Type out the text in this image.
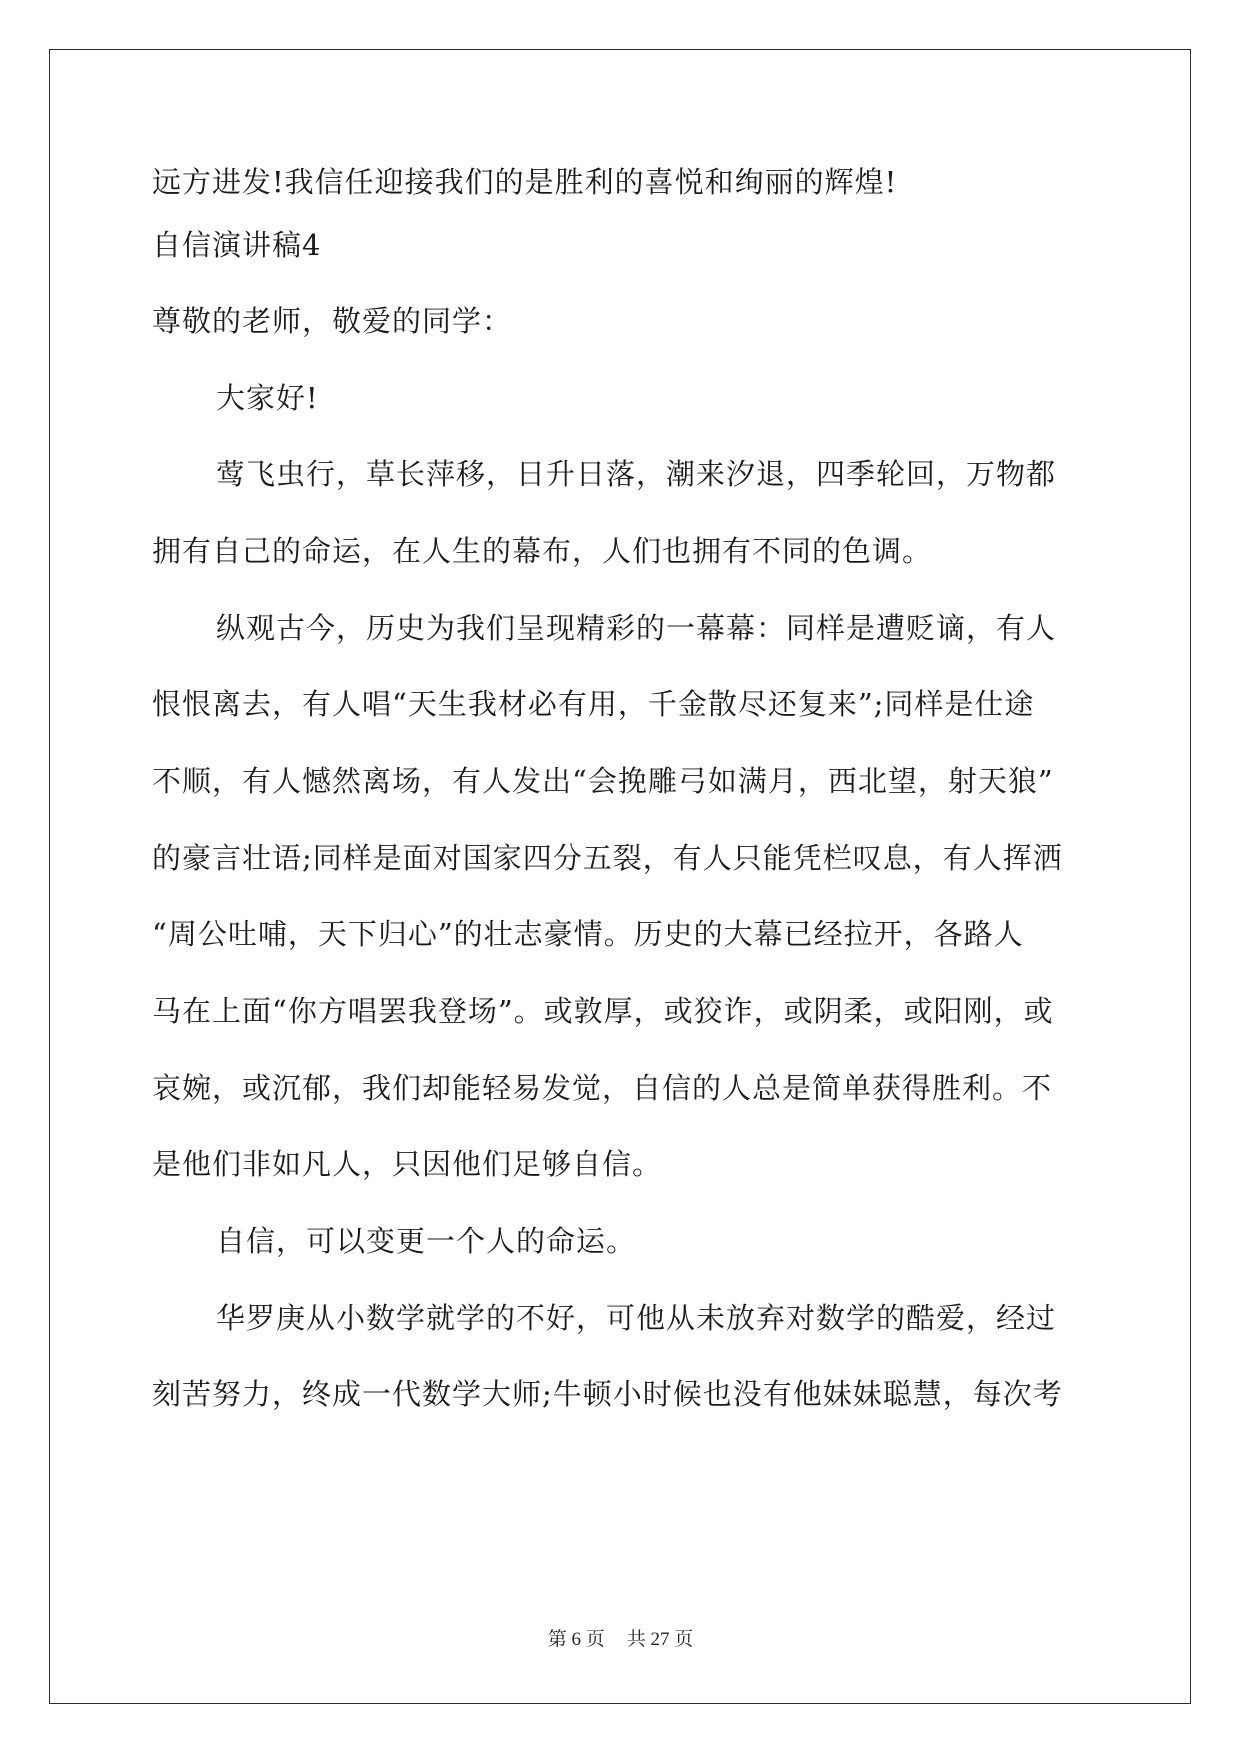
远方进发!我信任迎接我们的是胜利的喜悦和绚丽的辉煌!
自信演讲稿4
尊敬的老师，敬爱的同学：
大家好!
莺飞虫行，草长萍移，日升日落，潮来汐退，四季轮回，万物都
拥有自己的命运，在人生的幕布，人们也拥有不同的色调。
纵观古今，历史为我们呈现精彩的一幕幕：同样是遭贬谪，有人
恨恨离去，有人唱“天生我材必有用，千金散尽还复来”;同样是仕途
不顺，有人憾然离场，有人发出“会挽雕弓如满月，西北望，射天狼”
的豪言壮语;同样是面对国家四分五裂，有人只能凭栏叹息，有人挥洒
“周公吐哺，天下归心”的壮志豪情。历史的大幕已经拉开，各路人
马在上面“你方唱罢我登场”。或敦厚，或狡诈，或阴柔，或阳刚，或
哀婉，或沉郁，我们却能轻易发觉，自信的人总是简单获得胜利。不
是他们非如凡人，只因他们足够自信。
自信，可以变更一个人的命运。
华罗庚从小数学就学的不好，可他从未放弃对数学的酷爱，经过
刻苦努力，终成一代数学大师;牛顿小时候也没有他妹妹聪慧，每次考
第 6 页 共 27 页
